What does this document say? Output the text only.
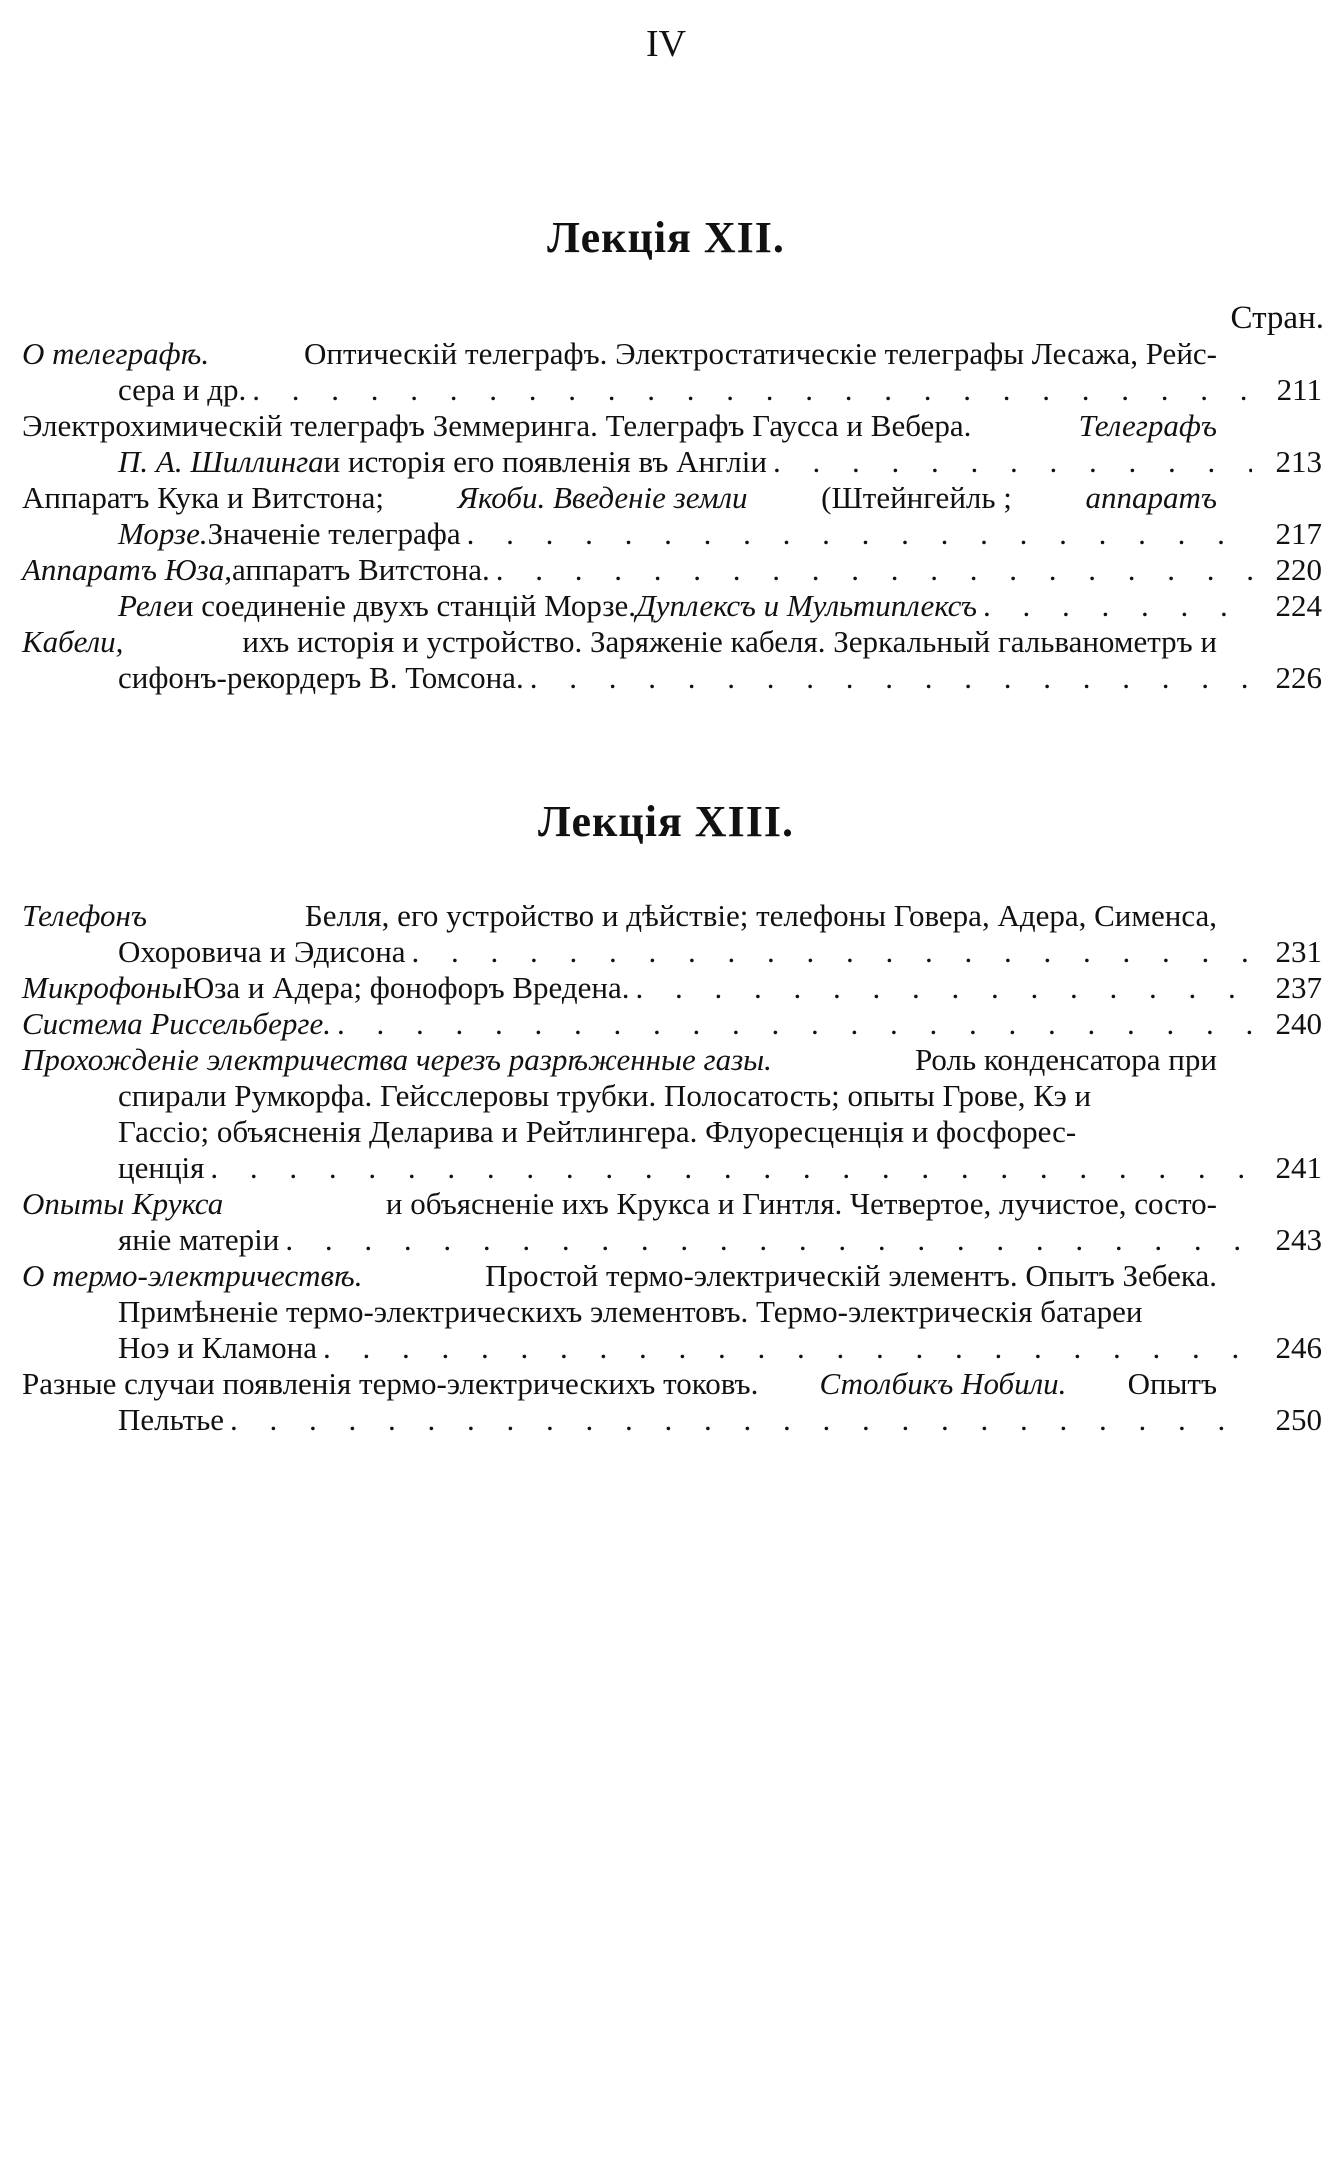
IV
Лекція XII.
Стран.
О телеграфѣ.	Оптическій телеграфъ. Электростатическіе телеграфы Лесажа, Рейс-
сера и др. . . .	211
Электрохимическій телеграфъ Земмеринга. Телеграфъ Гаусса и Вебера.	Телеграфъ
П. А. Шиллинга и исторія его появленія въ Англіи . . .	213
Аппаратъ Кука и Витстона; Якоби. Введеніе земли (Штейнгейль ; аппаратъ
Морзе. Значеніе телеграфа . . .	217
Аппаратъ Юза, аппаратъ Витстона. . . .	220
Реле и соединеніе двухъ станцій Морзе. Дуплексъ и Мультиплексъ . . .	224
Кабели,	ихъ исторія и устройство. Заряженіе кабеля. Зеркальный гальванометръ и
сифонъ-рекордеръ В. Томсона. . . .	226
Лекція XIII.
Телефонъ	Белля, его устройство и дѣйствіе; телефоны Говера, Адера, Сименса,
Охоровича и Эдисона . . .	231
Микрофоны Юза и Адера; фонофоръ Вредена. . . .	237
Система Риссельберге. . . .	240
Прохожденіе электричества черезъ разрѣженные газы.	Роль конденсатора при
спирали Румкорфа. Гейсслеровы трубки. Полосатость; опыты Грове, Кэ и
Гассіо; объясненія Деларива и Рейтлингера. Флуоресценція и фосфорес-
ценція . . .	241
Опыты Крукса	и объясненіе ихъ Крукса и Гинтля. Четвертое, лучистое, состо-
яніе матеріи . . .	243
О термо-электричествѣ.	Простой термо-электрическій элементъ. Опытъ Зебека.
Примѣненіе термо-электрическихъ элементовъ. Термо-электрическія батареи
Ноэ и Кламона . . .	246
Разные случаи появленія термо-электрическихъ токовъ. Столбикъ Нобили. Опытъ
Пельтье . . .	250
